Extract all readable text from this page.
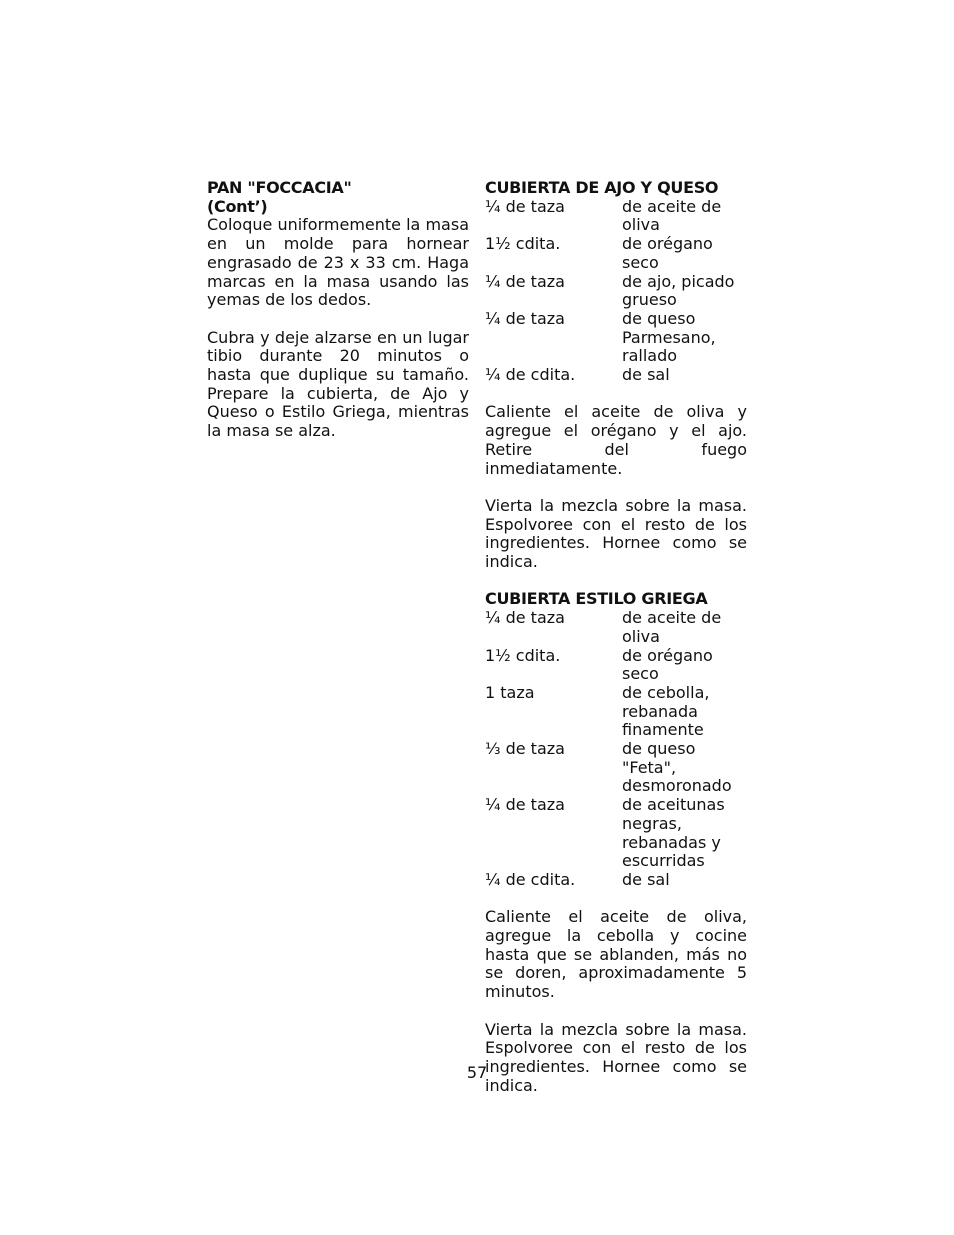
PAN "FOCCACIA"
(Cont’)
Coloque uniformemente la masa en un molde para hornear engrasado de 23 x 33 cm. Haga marcas en la masa usando las yemas de los dedos.
Cubra y deje alzarse en un lugar tibio durante 20 minutos o hasta que duplique su tamaño. Prepare la cubierta, de Ajo y Queso o Estilo Griega, mientras la masa se alza.
CUBIERTA DE AJO Y QUESO
¼ de taza	de aceite de oliva
1½ cdita.	de orégano seco
¼ de taza	de ajo, picado grueso
¼ de taza	de queso Parmesano, rallado
¼ de cdita.	de sal
Caliente el aceite de oliva y agregue el orégano y el ajo. Retire del fuego inmediatamente.
Vierta la mezcla sobre la masa. Espolvoree con el resto de los ingredientes. Hornee como se indica.
CUBIERTA ESTILO GRIEGA
¼ de taza	de aceite de oliva
1½ cdita.	de orégano seco
1 taza	de cebolla, rebanada finamente
⅓ de taza	de queso "Feta", desmoronado
¼ de taza	de aceitunas negras, rebanadas y escurridas
¼ de cdita.	de sal
Caliente el aceite de oliva, agregue la cebolla y cocine hasta que se ablanden, más no se doren, aproximadamente 5 minutos.
Vierta la mezcla sobre la masa. Espolvoree con el resto de los ingredientes. Hornee como se indica.
57
